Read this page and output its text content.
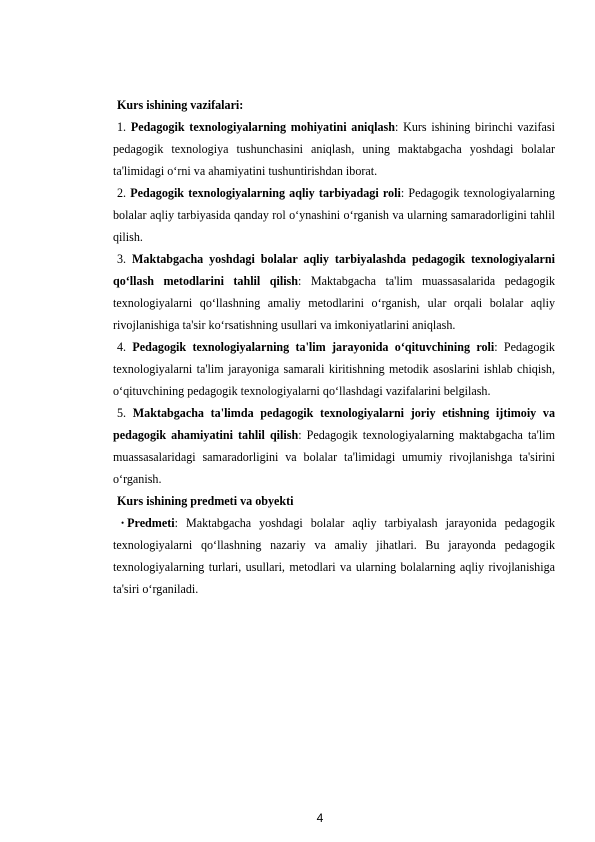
Kurs ishining vazifalari:

1. Pedagogik texnologiyalarning mohiyatini aniqlash: Kurs ishining birinchi vazifasi pedagogik texnologiya tushunchasini aniqlash, uning maktabgacha yoshdagi bolalar ta'limidagi o‘rni va ahamiyatini tushuntirishdan iborat.

2. Pedagogik texnologiyalarning aqliy tarbiyadagi roli: Pedagogik texnologiyalarning bolalar aqliy tarbiyasida qanday rol o‘ynashini o‘rganish va ularning samaradorligini tahlil qilish.

3. Maktabgacha yoshdagi bolalar aqliy tarbiyalashda pedagogik texnologiyalarni qo‘llash metodlarini tahlil qilish: Maktabgacha ta'lim muassasalarida pedagogik texnologiyalarni qo‘llashning amaliy metodlarini o‘rganish, ular orqali bolalar aqliy rivojlanishiga ta'sir ko‘rsatishning usullari va imkoniyatlarini aniqlash.

4. Pedagogik texnologiyalarning ta'lim jarayonida o‘qituvchining roli: Pedagogik texnologiyalarni ta'lim jarayoniga samarali kiritishning metodik asoslarini ishlab chiqish, o‘qituvchining pedagogik texnologiyalarni qo‘llashdagi vazifalarini belgilash.

5. Maktabgacha ta'limda pedagogik texnologiyalarni joriy etishning ijtimoiy va pedagogik ahamiyatini tahlil qilish: Pedagogik texnologiyalarning maktabgacha ta'lim muassasalaridagi samaradorligini va bolalar ta'limidagi umumiy rivojlanishga ta'sirini o‘rganish.

Kurs ishining predmeti va obyekti

• Predmeti: Maktabgacha yoshdagi bolalar aqliy tarbiyalash jarayonida pedagogik texnologiyalarni qo‘llashning nazariy va amaliy jihatlari. Bu jarayonda pedagogik texnologiyalarning turlari, usullari, metodlari va ularning bolalarning aqliy rivojlanishiga ta'siri o‘rganiladi.

4
